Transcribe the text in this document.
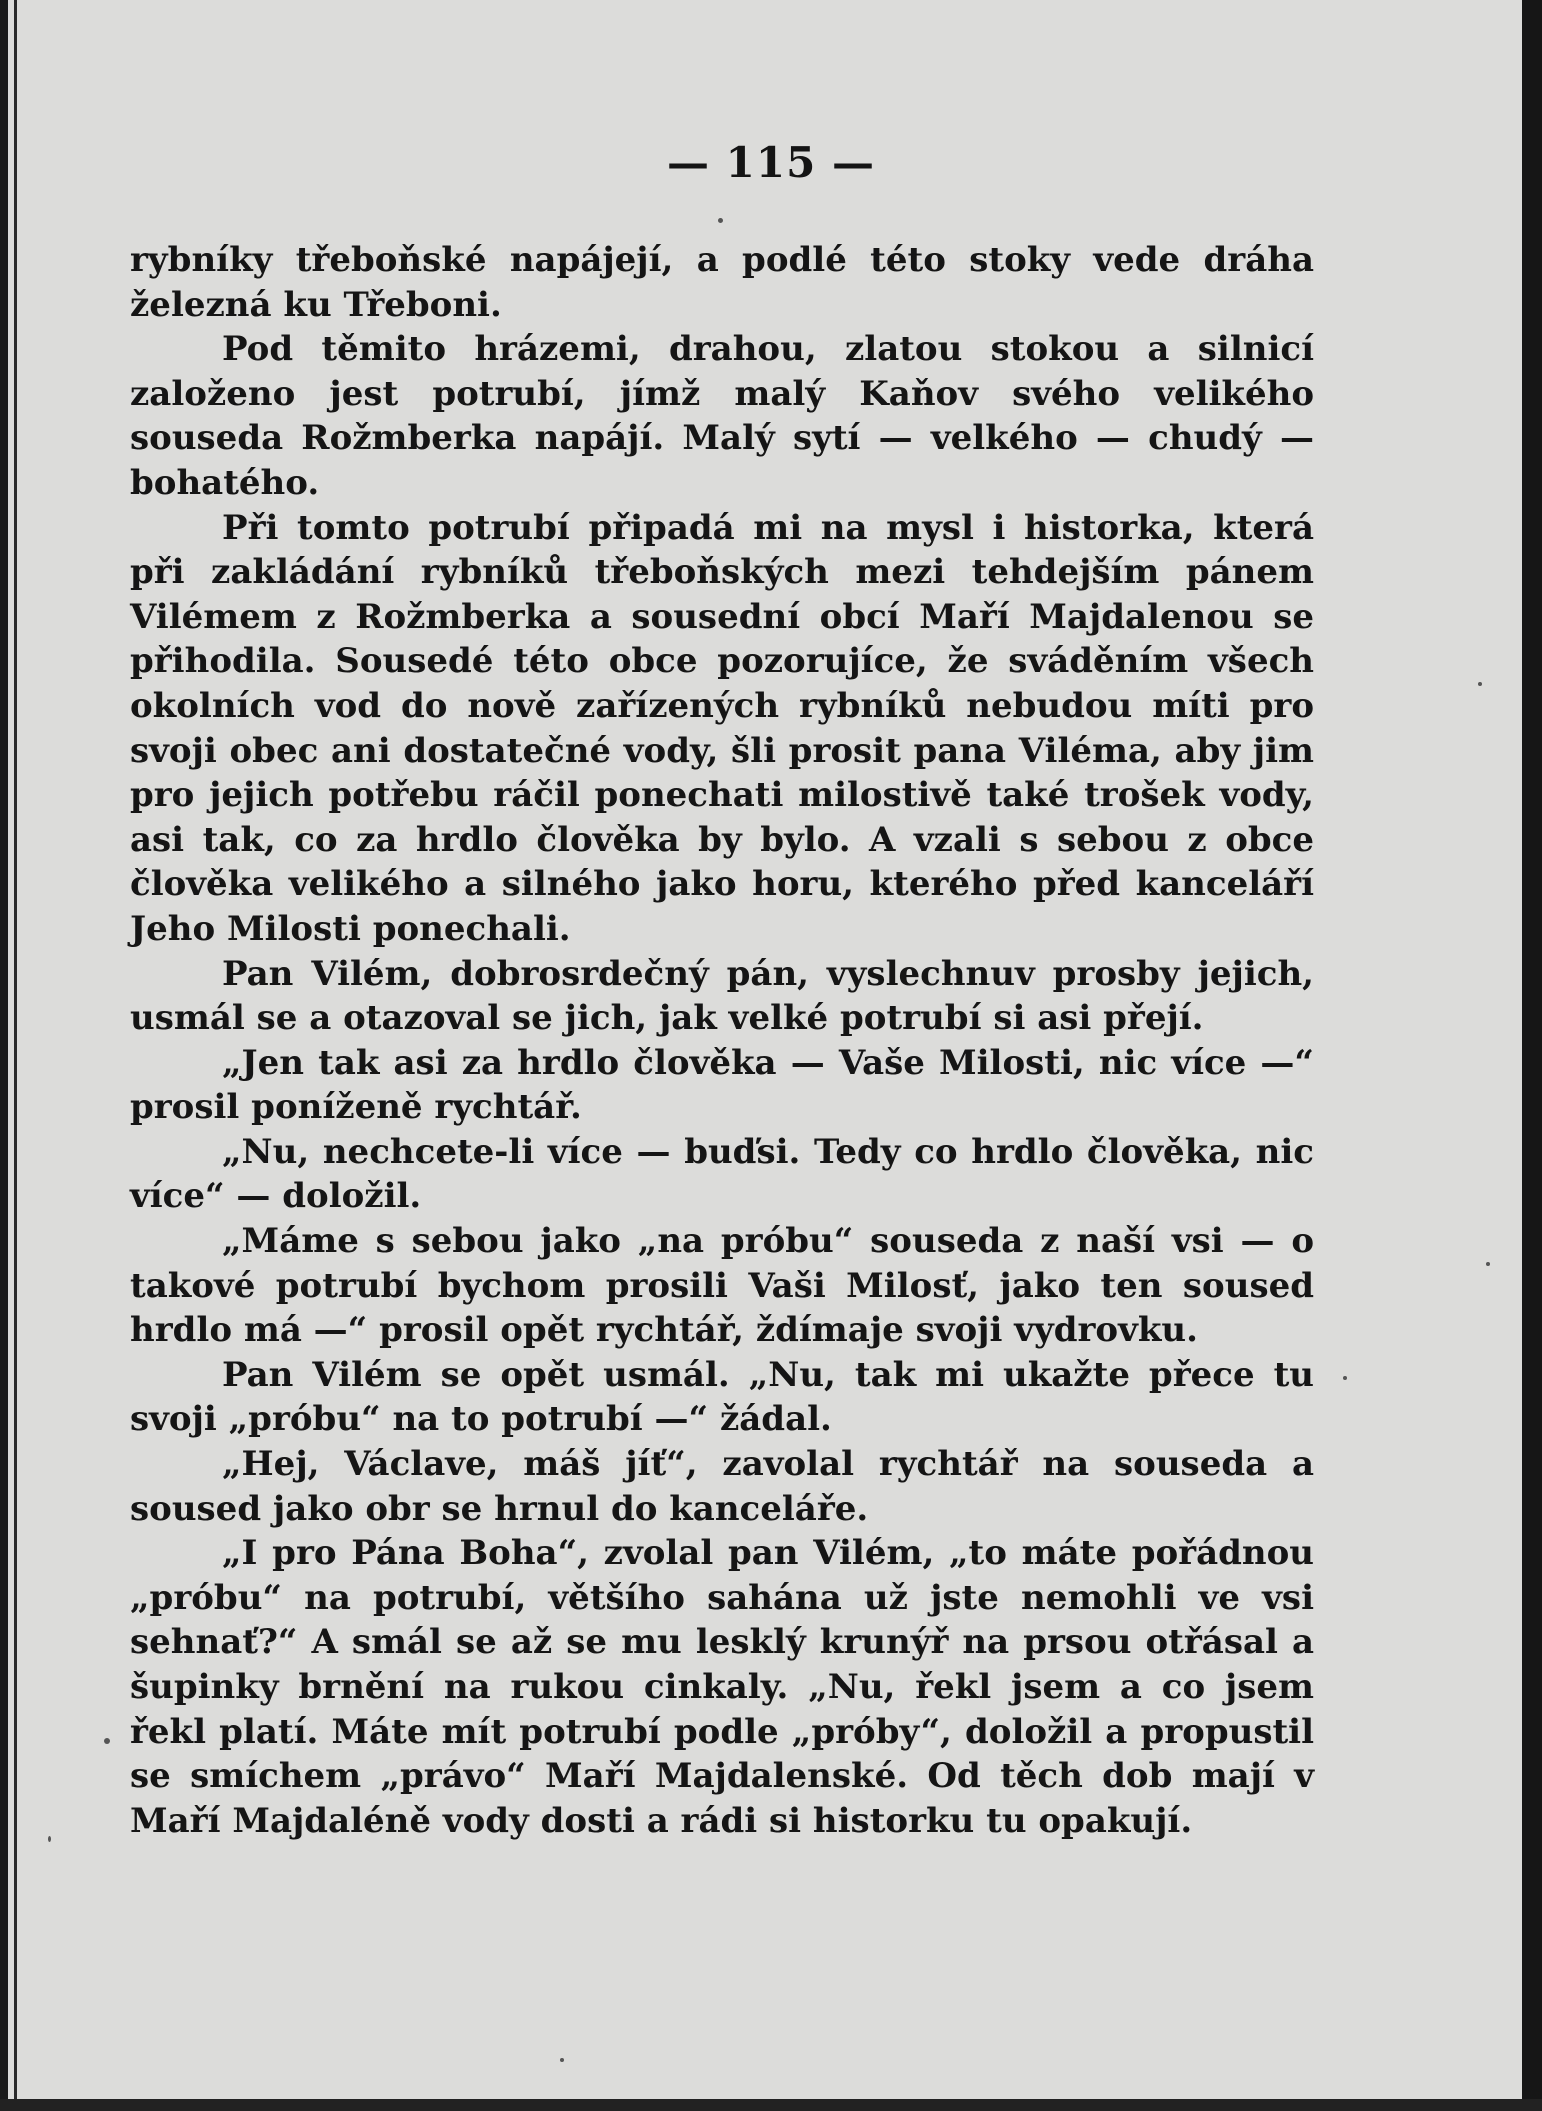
— 115 —

rybníky třeboňské napájejí, a podlé této stoky vede dráha železná ku Třeboni.

Pod těmito hrázemi, drahou, zlatou stokou a silnicí založeno jest potrubí, jímž malý Kaňov svého velikého souseda Rožmberka napájí. Malý sytí — velkého — chudý — bohatého.

Při tomto potrubí připadá mi na mysl i historka, která při zakládání rybníků třeboňských mezi tehdejším pánem Vilémem z Rožmberka a sousední obcí Maří Majdalenou se přihodila. Sousedé této obce pozorujíce, že sváděním všech okolních vod do nově zařízených rybníků nebudou míti pro svoji obec ani dostatečné vody, šli prosit pana Viléma, aby jim pro jejich potřebu ráčil ponechati milostivě také trošek vody, asi tak, co za hrdlo člověka by bylo. A vzali s sebou z obce člověka velikého a silného jako horu, kterého před kanceláří Jeho Milosti ponechali.

Pan Vilém, dobrosrdečný pán, vyslechnuv prosby jejich, usmál se a otazoval se jich, jak velké potrubí si asi přejí.

„Jen tak asi za hrdlo člověka — Vaše Milosti, nic více —“ prosil poníženě rychtář.

„Nu, nechcete-li více — buďsi. Tedy co hrdlo člověka, nic více“ — doložil.

„Máme s sebou jako „na próbu“ souseda z naší vsi — o takové potrubí bychom prosili Vaši Milosť, jako ten soused hrdlo má —“ prosil opět rychtář, ždímaje svoji vydrovku.

Pan Vilém se opět usmál. „Nu, tak mi ukažte přece tu svoji „próbu“ na to potrubí —“ žádal.

„Hej, Václave, máš jíť“, zavolal rychtář na souseda a soused jako obr se hrnul do kanceláře.

„I pro Pána Boha“, zvolal pan Vilém, „to máte pořádnou „próbu“ na potrubí, většího sahána už jste nemohli ve vsi sehnať?“ A smál se až se mu lesklý krunýř na prsou otřásal a šupinky brnění na rukou cinkaly. „Nu, řekl jsem a co jsem řekl platí. Máte mít potrubí podle „próby“, doložil a propustil se smíchem „právo“ Maří Majdalenské. Od těch dob mají v Maří Majdaléně vody dosti a rádi si historku tu opakují.
